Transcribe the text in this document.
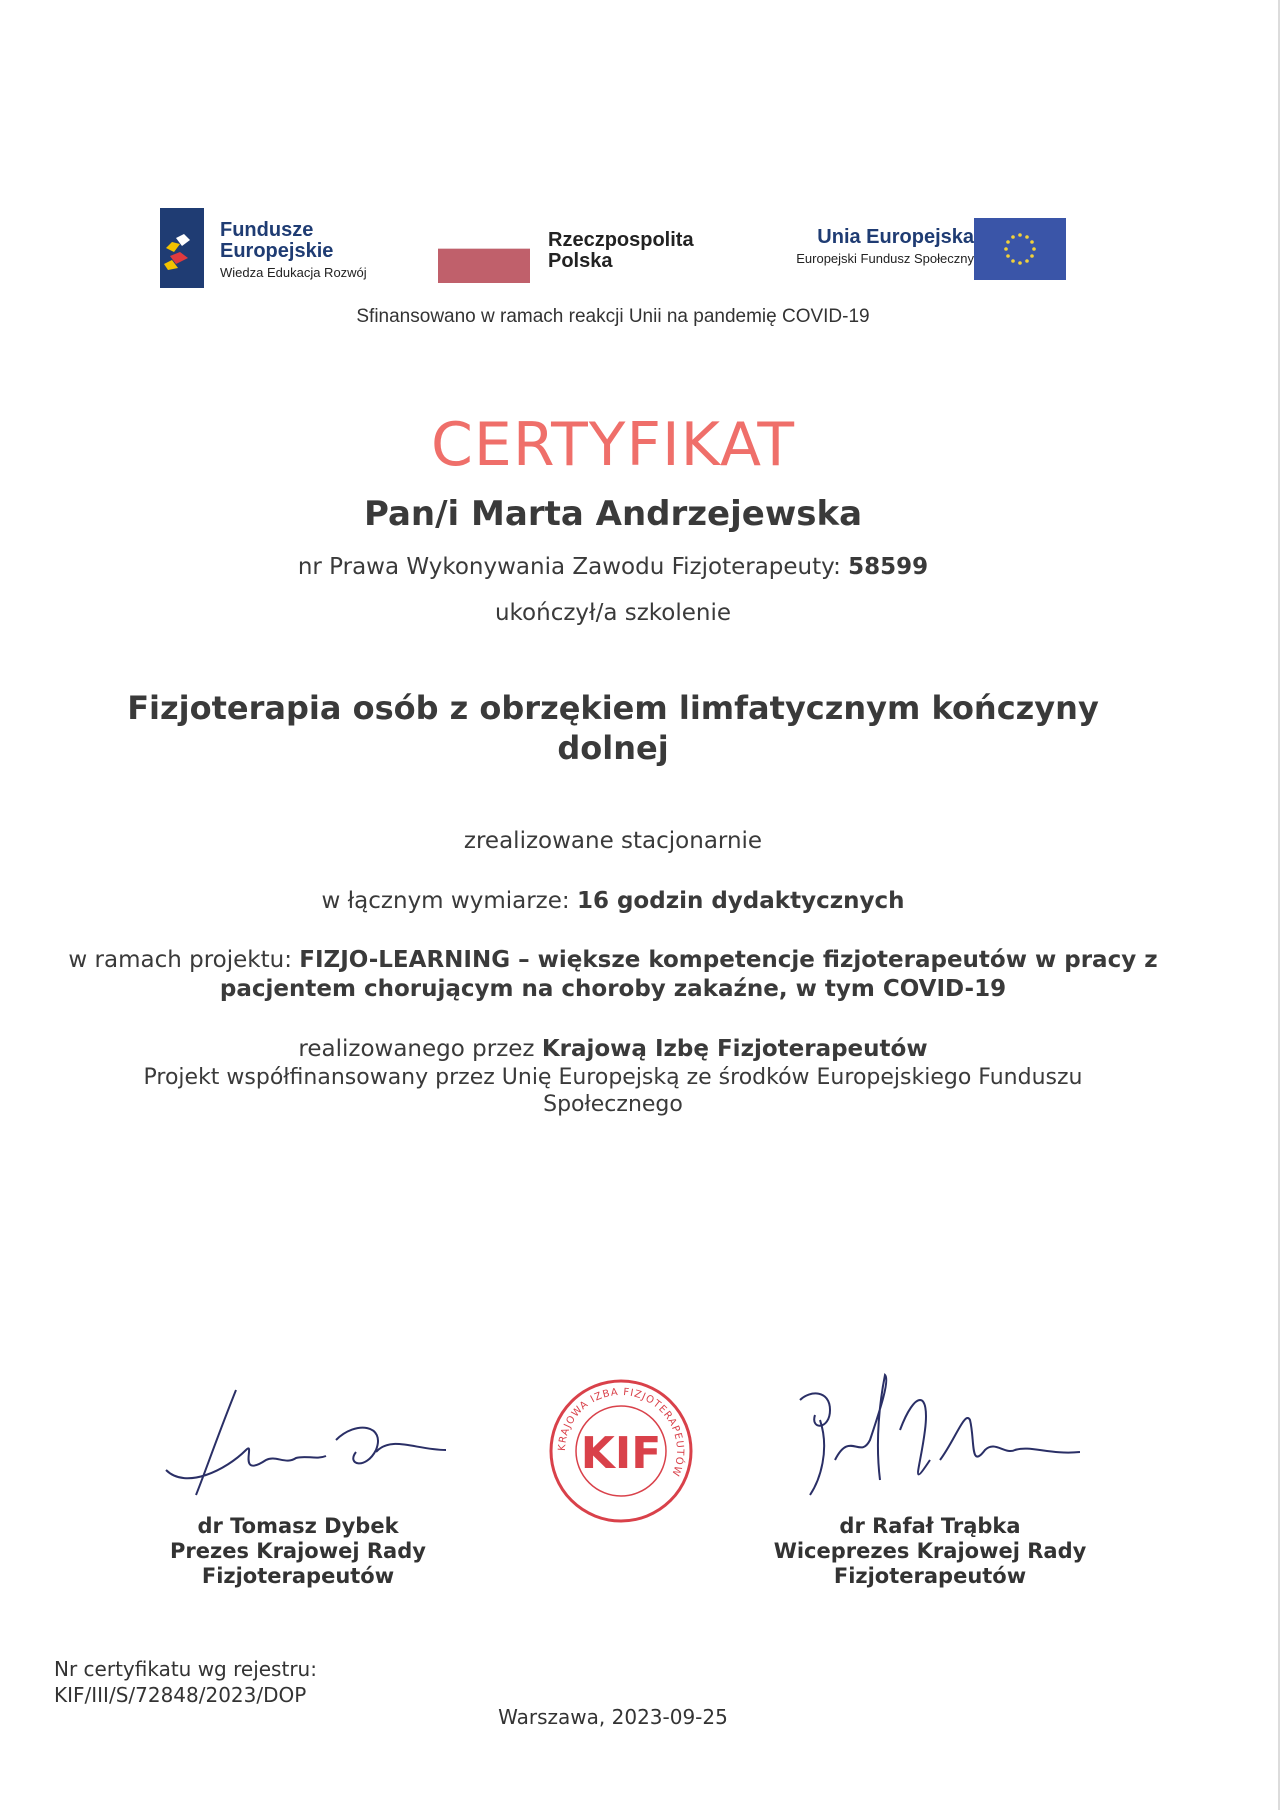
Fundusze
Europejskie
Wiedza Edukacja Rozwój
Rzeczpospolita
Polska
Unia Europejska
Europejski Fundusz Społeczny
Sfinansowano w ramach reakcji Unii na pandemię COVID-19
CERTYFIKAT
Pan/i Marta Andrzejewska
nr Prawa Wykonywania Zawodu Fizjoterapeuty: 58599
ukończył/a szkolenie
Fizjoterapia osób z obrzękiem limfatycznym kończyny dolnej
zrealizowane stacjonarnie
w łącznym wymiarze: 16 godzin dydaktycznych
w ramach projektu: FIZJO-LEARNING – większe kompetencje fizjoterapeutów w pracy z pacjentem chorującym na choroby zakaźne, w tym COVID-19
realizowanego przez Krajową Izbę Fizjoterapeutów
Projekt współfinansowany przez Unię Europejską ze środków Europejskiego Funduszu Społecznego
KRAJOWA IZBA FIZJOTERAPEUTÓW
KIF
dr Tomasz Dybek
Prezes Krajowej Rady
Fizjoterapeutów
dr Rafał Trąbka
Wiceprezes Krajowej Rady
Fizjoterapeutów
Nr certyfikatu wg rejestru:
KIF/III/S/72848/2023/DOP
Warszawa, 2023-09-25
